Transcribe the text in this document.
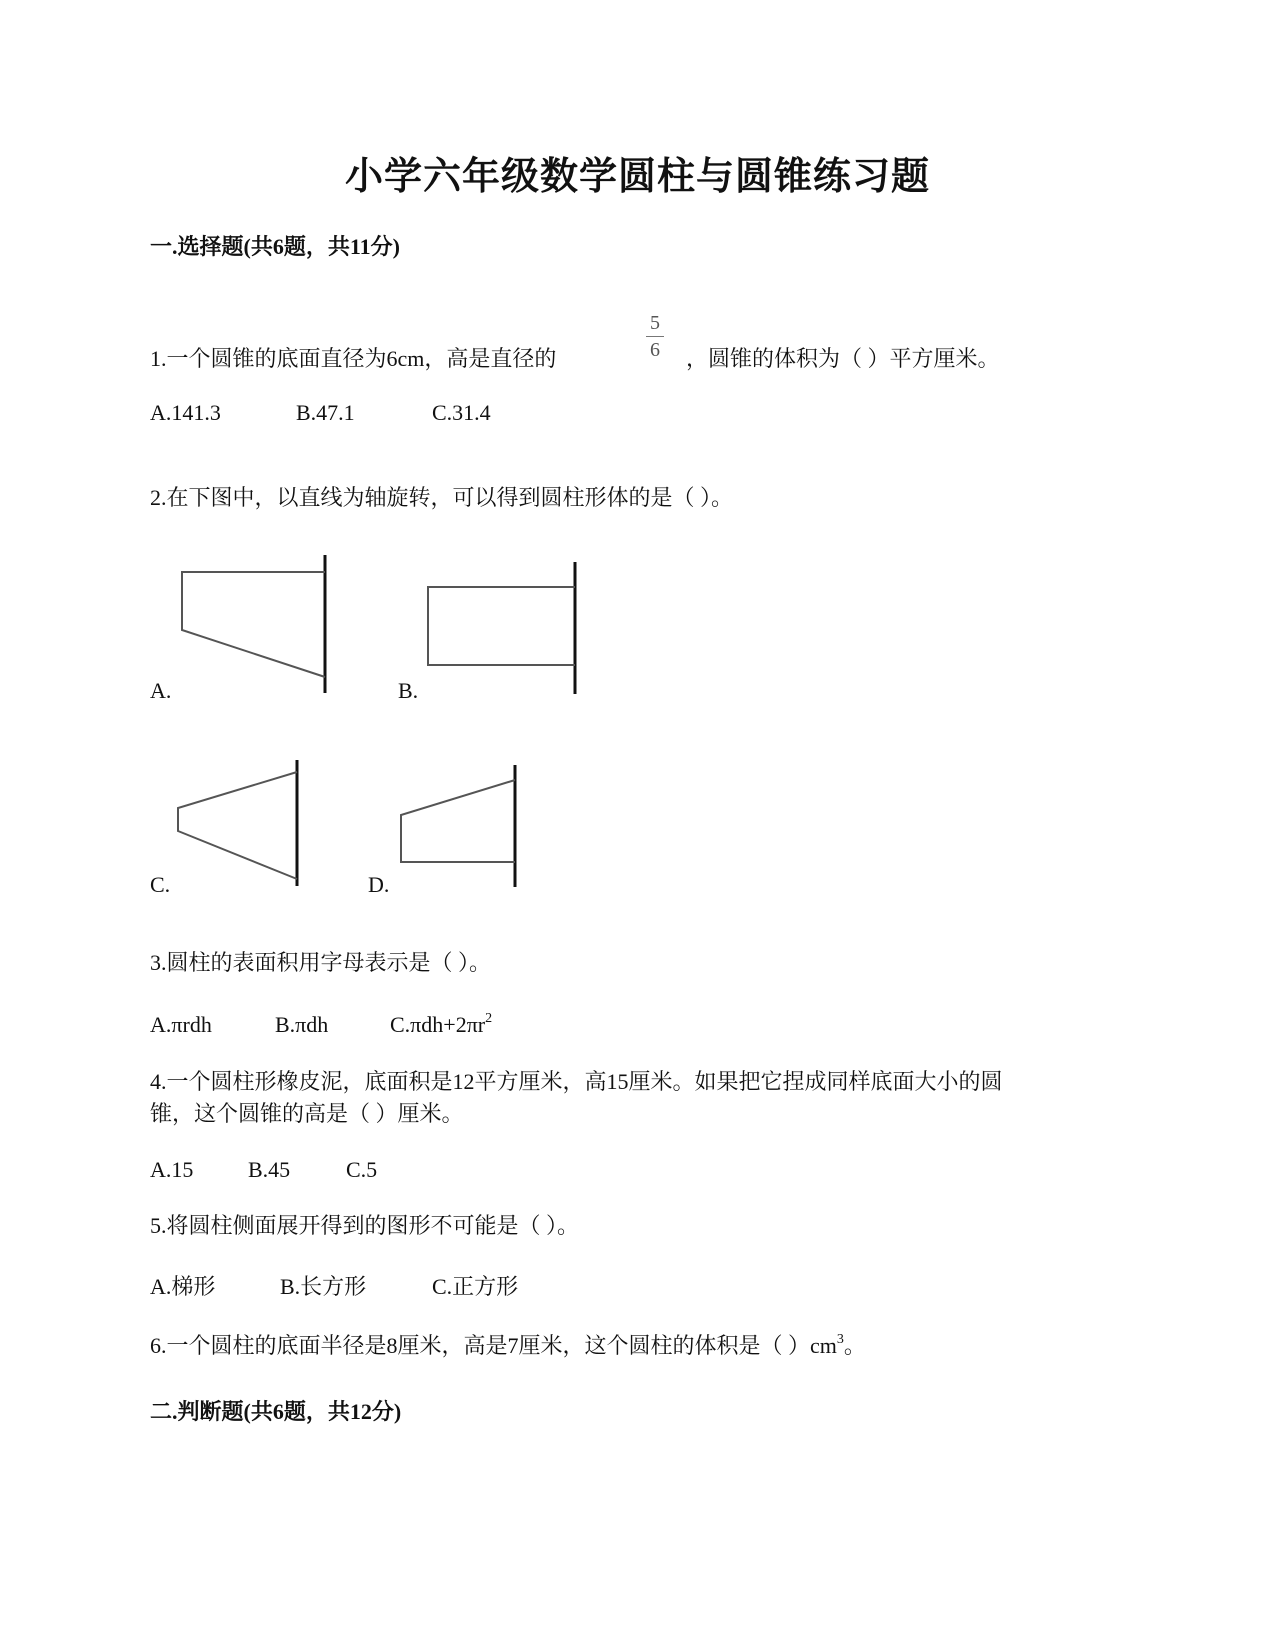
小学六年级数学圆柱与圆锥练习题
一.选择题(共6题，共11分)
1.一个圆锥的底面直径为6cm，高是直径的
5
6	，圆锥的体积为（ ）平方厘米。
A.141.3	B.47.1	C.31.4
2.在下图中，以直线为轴旋转，可以得到圆柱形体的是（ ）。
A.	B.
C.	D.
3.圆柱的表面积用字母表示是（ ）。
A.πrdh	B.πdh	$C.\pi dh+2\pi r^2$
4.一个圆柱形橡皮泥，底面积是12平方厘米，高15厘米。如果把它捏成同样底面大小的圆
锥，这个圆锥的高是（ ）厘米。
A.15 B.45	C.5
5.将圆柱侧面展开得到的图形不可能是（ ）。
A.梯形	B.长方形	C.正方形
6.一个圆柱的底面半径是8厘米，高是7厘米，这个圆柱的体积是（ ）$cm^3$。
二.判断题(共6题，共12分)
